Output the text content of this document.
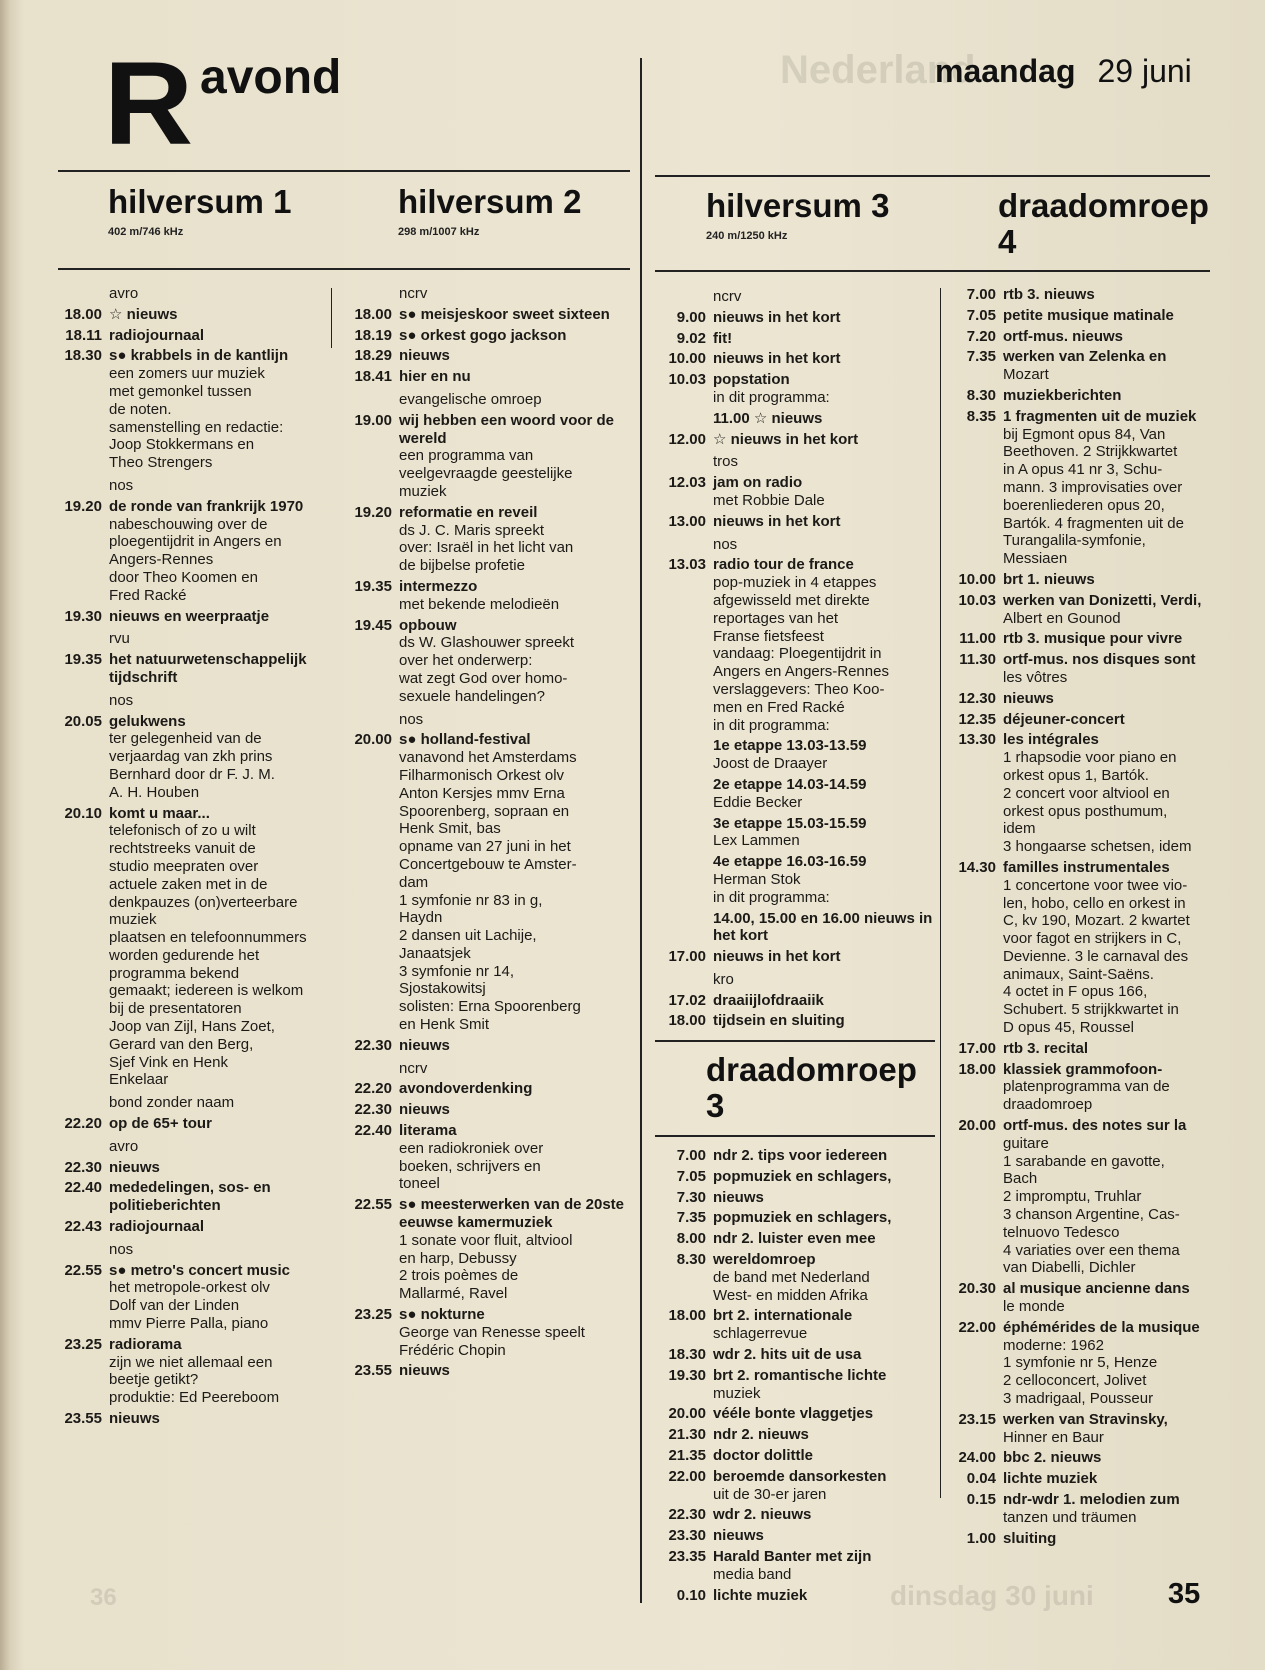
Nederland
dinsdag 30 juni
36
R avond	maandag 29 juni
hilversum 1
402 m/746 kHz
hilversum 2
298 m/1007 kHz
hilversum 3
240 m/1250 kHz
draadomroep 4
draadomroep 3
avro
18.00 ☆ nieuws
18.11 radiojournaal
18.30 s● krabbels in de kantlijn
een zomers uur muziek
met gemonkel tussen
de noten.
samenstelling en redactie:
Joop Stokkermans en
Theo Strengers
nos
19.20 de ronde van frankrijk 1970
nabeschouwing over de
ploegentijdrit in Angers en
Angers-Rennes
door Theo Koomen en
Fred Racké
19.30 nieuws en weerpraatje
rvu
19.35 het natuurwetenschappelijk tijdschrift
nos
20.05 gelukwens
ter gelegenheid van de
verjaardag van zkh prins
Bernhard door dr F. J. M.
A. H. Houben
20.10 komt u maar...
telefonisch of zo u wilt
rechtstreeks vanuit de
studio meepraten over
actuele zaken met in de
denkpauzes (on)verteerbare
muziek
plaatsen en telefoonnummers
worden gedurende het
programma bekend
gemaakt; iedereen is welkom
bij de presentatoren
Joop van Zijl, Hans Zoet,
Gerard van den Berg,
Sjef Vink en Henk
Enkelaar
bond zonder naam
22.20 op de 65+ tour
avro
22.30 nieuws
22.40 mededelingen, sos- en politieberichten
22.43 radiojournaal
nos
22.55 s● metro's concert music
het metropole-orkest olv
Dolf van der Linden
mmv Pierre Palla, piano
23.25 radiorama
zijn we niet allemaal een
beetje getikt?
produktie: Ed Peereboom
23.55 nieuws
ncrv
18.00 s● meisjeskoor sweet sixteen
18.19 s● orkest gogo jackson
18.29 nieuws
18.41 hier en nu
evangelische omroep
19.00 wij hebben een woord voor de wereld
een programma van
veelgevraagde geestelijke
muziek
19.20 reformatie en reveil
ds J. C. Maris spreekt
over: Israël in het licht van
de bijbelse profetie
19.35 intermezzo
met bekende melodieën
19.45 opbouw
ds W. Glashouwer spreekt
over het onderwerp:
wat zegt God over homo-
sexuele handelingen?
nos
20.00 s● holland-festival
vanavond het Amsterdams
Filharmonisch Orkest olv
Anton Kersjes mmv Erna
Spoorenberg, sopraan en
Henk Smit, bas
opname van 27 juni in het
Concertgebouw te Amster-
dam
1 symfonie nr 83 in g,
Haydn
2 dansen uit Lachije,
Janaatsjek
3 symfonie nr 14,
Sjostakowitsj
solisten: Erna Spoorenberg
en Henk Smit
22.30 nieuws
ncrv
22.20 avondoverdenking
22.30 nieuws
22.40 literama
een radiokroniek over
boeken, schrijvers en
toneel
22.55 s● meesterwerken van de 20ste eeuwse kamermuziek
1 sonate voor fluit, altviool
en harp, Debussy
2 trois poèmes de
Mallarmé, Ravel
23.25 s● nokturne
George van Renesse speelt
Frédéric Chopin
23.55 nieuws
ncrv
9.00 nieuws in het kort
9.02 fit!
10.00 nieuws in het kort
10.03 popstation
in dit programma:
11.00 ☆ nieuws
12.00 ☆ nieuws in het kort
tros
12.03 jam on radio
met Robbie Dale
13.00 nieuws in het kort
nos
13.03 radio tour de france
pop-muziek in 4 etappes
afgewisseld met direkte
reportages van het
Franse fietsfeest
vandaag: Ploegentijdrit in
Angers en Angers-Rennes
verslaggevers: Theo Koo-
men en Fred Racké
in dit programma:
1e etappe 13.03-13.59
Joost de Draayer
2e etappe 14.03-14.59
Eddie Becker
3e etappe 15.03-15.59
Lex Lammen
4e etappe 16.03-16.59
Herman Stok
in dit programma:
14.00, 15.00 en 16.00 nieuws in het kort
17.00 nieuws in het kort
kro
17.02 draaiijlofdraaiik
18.00 tijdsein en sluiting
7.00 ndr 2. tips voor iedereen
7.05 popmuziek en schlagers,
7.30 nieuws
7.35 popmuziek en schlagers,
8.00 ndr 2. luister even mee
8.30 wereldomroep
de band met Nederland
West- en midden Afrika
18.00 brt 2. internationale
schlagerrevue
18.30 wdr 2. hits uit de usa
19.30 brt 2. romantische lichte
muziek
20.00 vééle bonte vlaggetjes
21.30 ndr 2. nieuws
21.35 doctor dolittle
22.00 beroemde dansorkesten
uit de 30-er jaren
22.30 wdr 2. nieuws
23.30 nieuws
23.35 Harald Banter met zijn
media band
0.10 lichte muziek
7.00 rtb 3. nieuws
7.05 petite musique matinale
7.20 ortf-mus. nieuws
7.35 werken van Zelenka en
Mozart
8.30 muziekberichten
8.35 1 fragmenten uit de muziek
bij Egmont opus 84, Van
Beethoven. 2 Strijkkwartet
in A opus 41 nr 3, Schu-
mann. 3 improvisaties over
boerenliederen opus 20,
Bartók. 4 fragmenten uit de
Turangalila-symfonie,
Messiaen
10.00 brt 1. nieuws
10.03 werken van Donizetti, Verdi,
Albert en Gounod
11.00 rtb 3. musique pour vivre
11.30 ortf-mus. nos disques sont
les vôtres
12.30 nieuws
12.35 déjeuner-concert
13.30 les intégrales
1 rhapsodie voor piano en
orkest opus 1, Bartók.
2 concert voor altviool en
orkest opus posthumum,
idem
3 hongaarse schetsen, idem
14.30 familles instrumentales
1 concertone voor twee vio-
len, hobo, cello en orkest in
C, kv 190, Mozart. 2 kwartet
voor fagot en strijkers in C,
Devienne. 3 le carnaval des
animaux, Saint-Saëns.
4 octet in F opus 166,
Schubert. 5 strijkkwartet in
D opus 45, Roussel
17.00 rtb 3. recital
18.00 klassiek grammofoon-
platenprogramma van de
draadomroep
20.00 ortf-mus. des notes sur la
guitare
1 sarabande en gavotte,
Bach
2 impromptu, Truhlar
3 chanson Argentine, Cas-
telnuovo Tedesco
4 variaties over een thema
van Diabelli, Dichler
20.30 al musique ancienne dans
le monde
22.00 éphémérides de la musique
moderne: 1962
1 symfonie nr 5, Henze
2 celloconcert, Jolivet
3 madrigaal, Pousseur
23.15 werken van Stravinsky,
Hinner en Baur
24.00 bbc 2. nieuws
0.04 lichte muziek
0.15 ndr-wdr 1. melodien zum
tanzen und träumen
1.00 sluiting
35
